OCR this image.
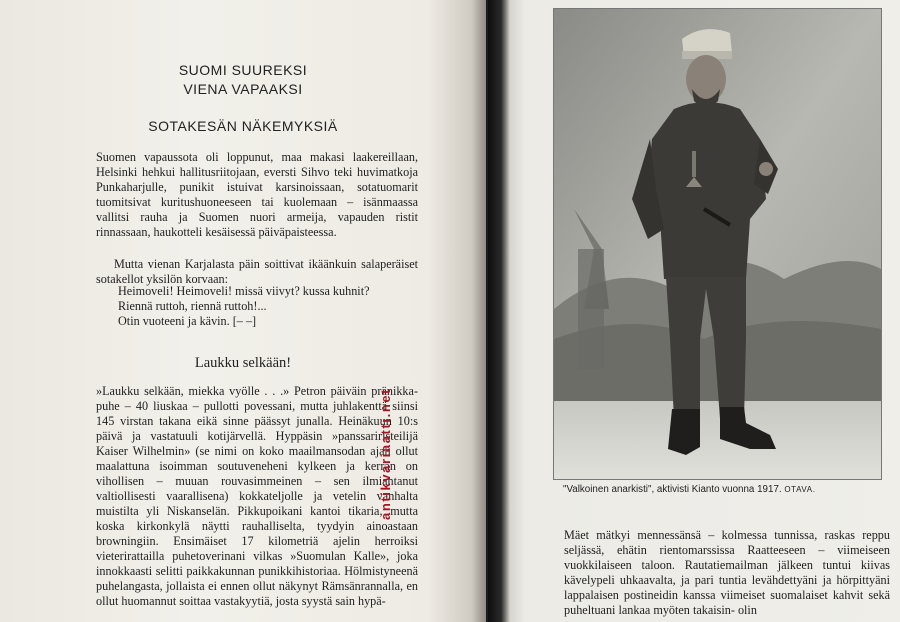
SUOMI SUUREKSI
VIENA VAPAAKSI
SOTAKESÄN NÄKEMYKSIÄ

Suomen vapaussota oli loppunut, maa makasi laakereillaan, Helsinki hehkui hallitusriitojaan, eversti Sihvo teki huvimatkoja Punkaharjulle, punikit istuivat karsinoissaan, sotatuomarit tuomitsivat kuritushuoneeseen tai kuolemaan – isänmaassa vallitsi rauha ja Suomen nuori armeija, vapauden ristit rinnassaan, haukotteli kesäisessä päiväpaisteessa.

Mutta vienan Karjalasta päin soittivat ikäänkuin salaperäiset sotakellot yksilön korvaan:

Heimoveli! Heimoveli! missä viivyt? kussa kuhnit?
Riennä ruttoh, riennä ruttoh!...
Otin vuoteeni ja kävin. [– –]
Laukku selkään!

»Laukku selkään, miekka vyölle . . .» Petron päiväin pränikka- puhe – 40 liuskaa – pullotti povessani, mutta juhlakenttä siinsi 145 virstan takana eikä sinne päässyt junalla. Heinäkuun 10:s päivä ja vastatuuli kotijärvellä. Hyppäsin »panssariristeilijä Kaiser Wilhelmin» (se nimi on koko maailmansodan ajan ollut maalattuna isoimman soutuveneheni kylkeen ja kerran on vihollisen – muuan rouvasimmeinen – sen ilmiantanut valtiollisesti vaarallisena) kokkateljolle ja vetelin vanhalta muistilta yli Niskanselän. Pikkupoikani kantoi tikaria, mutta koska kirkonkylä näytti rauhalliselta, tyydyin ainoastaan browningiin. Ensimäiset 17 kilometriä ajelin herroiksi vieterirattailla puhetoverinani vilkas »Suomulan Kalle», joka innokkaasti selitti paikkakunnan punikkihistoriaa. Hölmistyneenä puhelangasta, jollaista ei ennen ollut näkynyt Rämsänrannalla, en ollut huomannut soittaa vastakyytiä, josta syystä sain hypä-

"Valkoinen anarkisti", aktivisti Kianto vuonna 1917. OTAVA.

Mäet mätkyi mennessänsä – kolmessa tunnissa, raskas reppu seljässä, ehätin rientomarssissa Raatteeseen – viimeiseen vuokkilaiseen taloon. Rautatiemailman jälkeen tuntui kiivas kävelypeli uhkaavalta, ja pari tuntia levähdettyäni ja hörpittyäni lappalaisen postineidin kanssa viimeiset suomalaiset kahvit sekä puheltuani lankaa myöten takaisin- olin

antikvariaatti.net
